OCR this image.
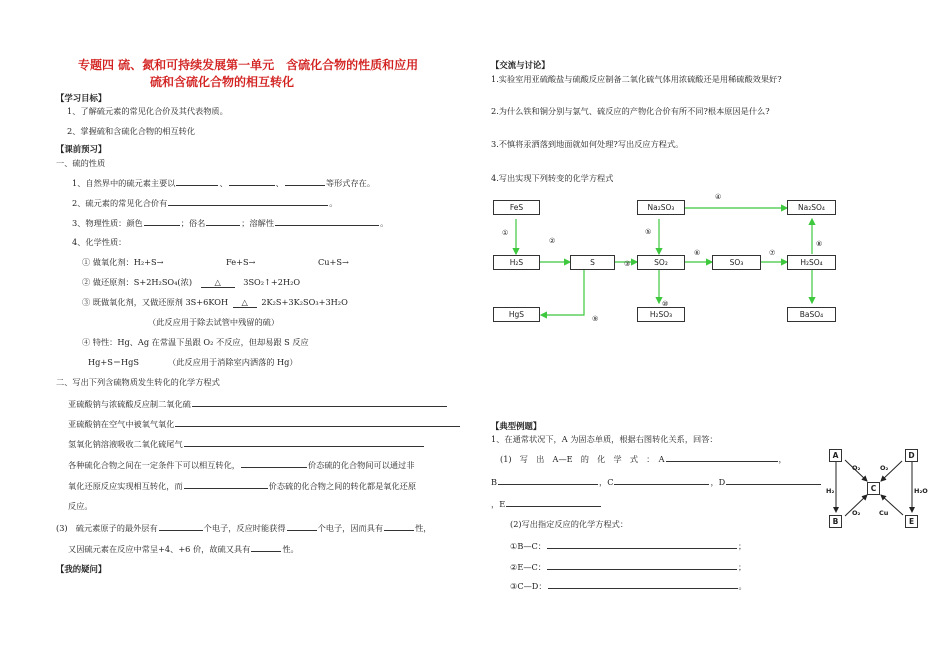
专题四 硫、氮和可持续发展第一单元　含硫化合物的性质和应用
硫和含硫化合物的相互转化
【学习目标】
1、了解硫元素的常见化合价及其代表物质。
2、掌握硫和含硫化合物的相互转化
【课前预习】
一、硫的性质
1、自然界中的硫元素主要以	、	、	等形式存在。
2、硫元素的常见化合价有	。
3、物理性质：颜色	；俗名	；溶解性	。
4、化学性质：
① 做氧化剂：H₂+S→	Fe+S→	Cu+S→
② 做还原剂：S+2H₂SO₄(浓)	△	3SO₂↑+2H₂O
③ 既做氧化剂，又做还原剂 3S+6KOH △ 2K₂S+3K₂SO₃+3H₂O
（此反应用于除去试管中残留的硫）
④ 特性：Hg、Ag 在常温下虽跟 O₂ 不反应，但却易跟 S 反应
Hg+S＝HgS	（此反应用于消除室内洒落的 Hg）
二、写出下列含硫物质发生转化的化学方程式
亚硫酸钠与浓硫酸反应制二氧化硫
亚硫酸钠在空气中被氧气氧化
氢氧化钠溶液吸收二氧化硫尾气
各种硫化合物之间在一定条件下可以相互转化，	价态硫的化合物间可以通过非
氧化还原反应实现相互转化，而	价态硫的化合物之间的转化都是氧化还原
反应。
(3)　硫元素原子的最外层有	个电子，反应时能获得	个电子，因而具有	性，
又因硫元素在反应中常呈+4、+6 价，故硫又具有	性。
【我的疑问】
【交流与讨论】
1.实验室用亚硫酸盐与硫酸反应制备二氧化硫气体用浓硫酸还是用稀硫酸效果好?
2.为什么铁和铜分别与氯气、硫反应的产物化合价有所不同?根本原因是什么?
3.不慎将汞洒落到地面就如何处理?写出反应方程式。
4.写出实现下列转变的化学方程式
FeS
H₂S	S	SO₂	SO₃	H₂SO₄
Na₂SO₃	Na₂SO₄
HgS	H₂SO₃	BaSO₄
①
②
③
④
⑤
⑥	⑦
⑧
⑨
⑩
【典型例题】
1、在通常状况下，A 为固态单质，根据右图转化关系，回答：
(1)　写　出　A—E　的　化　学　式　：　A	，
B	，C	，D
，E
(2)写出指定反应的化学方程式：
①B—C：	；
②E—C：	；
③C—D：	。
A	D
C
B	E
O₂	O₂
O₂
H₂
Cu
H₂O
